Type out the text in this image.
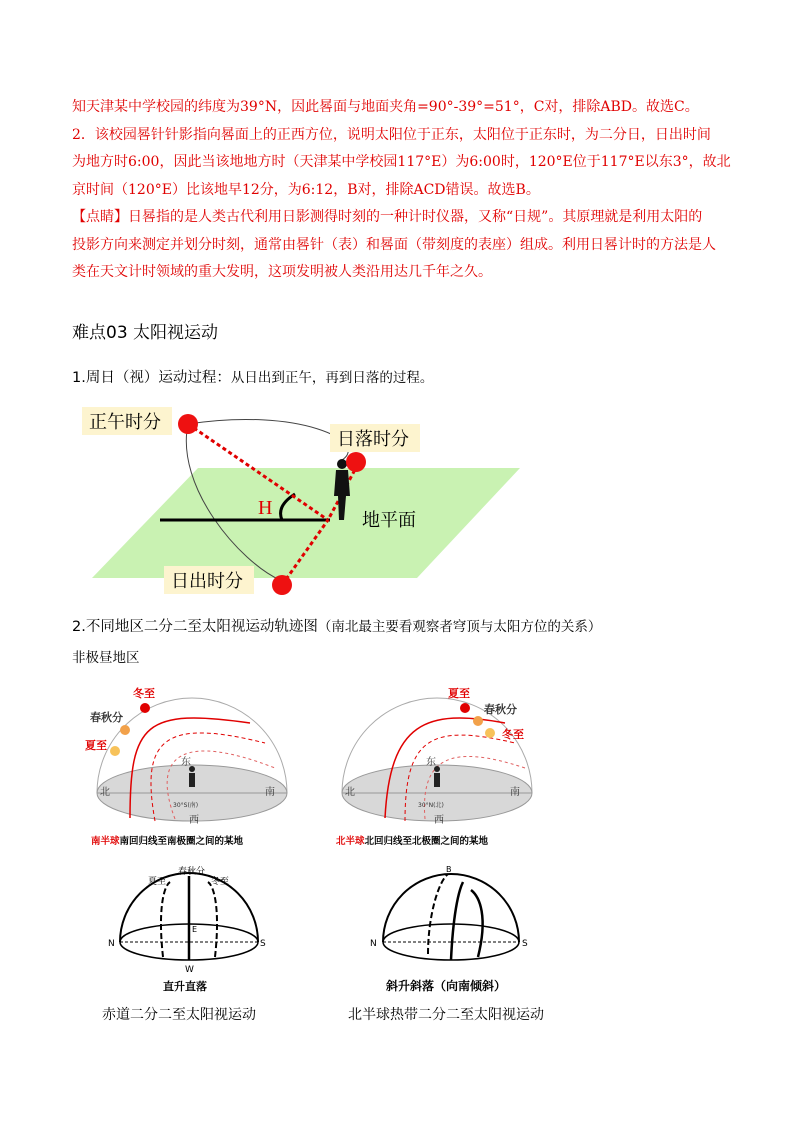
知天津某中学校园的纬度为39°N，因此晷面与地面夹角=90°-39°=51°，C对，排除ABD。故选C。
2．该校园晷针针影指向晷面上的正西方位，说明太阳位于正东，太阳位于正东时，为二分日，日出时间
为地方时6:00，因此当该地地方时（天津某中学校园117°E）为6:00时，120°E位于117°E以东3°，故北
京时间（120°E）比该地早12分，为6:12，B对，排除ACD错误。故选B。
【点睛】日晷指的是人类古代利用日影测得时刻的一种计时仪器，又称“日规”。其原理就是利用太阳的
投影方向来测定并划分时刻，通常由晷针（表）和晷面（带刻度的表座）组成。利用日晷计时的方法是人
类在天文计时领域的重大发明，这项发明被人类沿用达几千年之久。
难点03 太阳视运动
1.周日（视）运动过程：从日出到正午，再到日落的过程。
H
正午时分
日落时分
日出时分
地平面
2.不同地区二分二至太阳视运动轨迹图（南北最主要看观察者穹顶与太阳方位的关系）
非极昼地区
冬至
春秋分
夏至
东
北
西
南
30°S(南)
南半球南回归线至南极圈之间的某地
夏至
春秋分
冬至
东
北
西
南
30°N(北)
北半球北回归线至北极圈之间的某地
夏至
春秋分
冬至
N	S
E
W
直升直落
N	S
B
斜升斜落（向南倾斜）
赤道二分二至太阳视运动	北半球热带二分二至太阳视运动
